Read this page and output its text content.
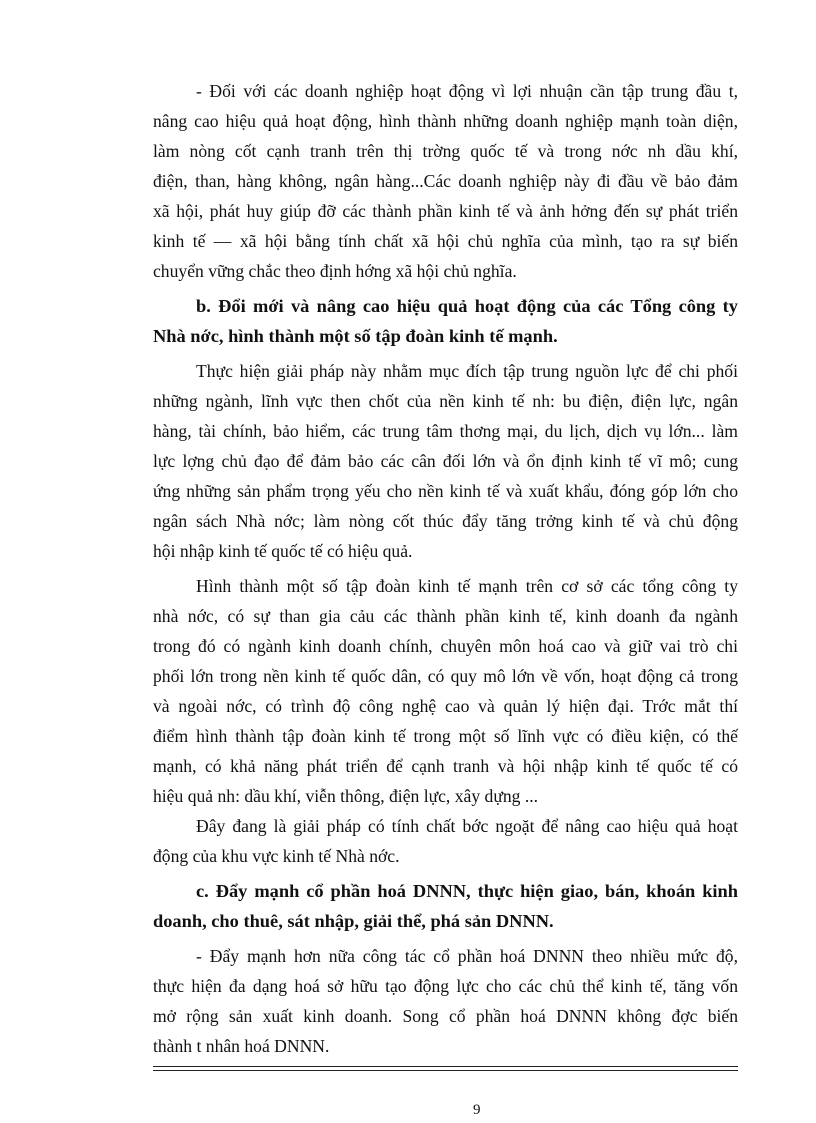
- Đối với các doanh nghiệp hoạt động vì lợi nhuận cần tập trung đầu t,
nâng cao hiệu quả hoạt động, hình thành những doanh nghiệp mạnh toàn diện,
làm nòng cốt cạnh tranh trên thị trờng quốc tế và trong nớc nh dầu khí,
điện, than, hàng không, ngân hàng...Các doanh nghiệp này đi đầu về bảo đảm
xã hội, phát huy giúp đỡ các thành phần kinh tế và ảnh hởng đến sự phát triển
kinh tế — xã hội bằng tính chất xã hội chủ nghĩa của mình, tạo ra sự biến
chuyển vững chắc theo định hớng xã hội chủ nghĩa.
b. Đổi mới và nâng cao hiệu quả hoạt động của các Tổng công ty
Nhà nớc, hình thành một số tập đoàn kinh tế mạnh.
Thực hiện giải pháp này nhằm mục đích tập trung nguồn lực để chi phối
những ngành, lĩnh vực then chốt của nền kinh tế nh: bu điện, điện lực, ngân
hàng, tài chính, bảo hiểm, các trung tâm thơng mại, du lịch, dịch vụ lớn... làm
lực lợng chủ đạo để đảm bảo các cân đối lớn và ổn định kinh tế vĩ mô; cung
ứng những sản phẩm trọng yếu cho nền kinh tế và xuất khẩu, đóng góp lớn cho
ngân sách Nhà nớc; làm nòng cốt thúc đẩy tăng trởng kinh tế và chủ động
hội nhập kinh tế quốc tế có hiệu quả.
Hình thành một số tập đoàn kinh tế mạnh trên cơ sở các tổng công ty
nhà nớc, có sự than gia cảu các thành phần kinh tế, kinh doanh đa ngành
trong đó có ngành kinh doanh chính, chuyên môn hoá cao và giữ vai trò chi
phối lớn trong nền kinh tế quốc dân, có quy mô lớn về vốn, hoạt động cả trong
và ngoài nớc, có trình độ công nghệ cao và quản lý hiện đại. Trớc mắt thí
điểm hình thành tập đoàn kinh tế trong một số lĩnh vực có điều kiện, có thế
mạnh, có khả năng phát triển để cạnh tranh và hội nhập kinh tế quốc tế có
hiệu quả nh: dầu khí, viễn thông, điện lực, xây dựng ...
Đây đang là giải pháp có tính chất bớc ngoặt để nâng cao hiệu quả hoạt
động của khu vực kinh tế Nhà nớc.
c. Đẩy mạnh cổ phần hoá DNNN, thực hiện giao, bán, khoán kinh
doanh, cho thuê, sát nhập, giải thể, phá sản DNNN.
- Đẩy mạnh hơn nữa công tác cổ phần hoá DNNN theo nhiều mức độ,
thực hiện đa dạng hoá sở hữu tạo động lực cho các chủ thể kinh tế, tăng vốn
mở rộng sản xuất kinh doanh. Song cổ phần hoá DNNN không đợc biến
thành t nhân hoá DNNN.
9
